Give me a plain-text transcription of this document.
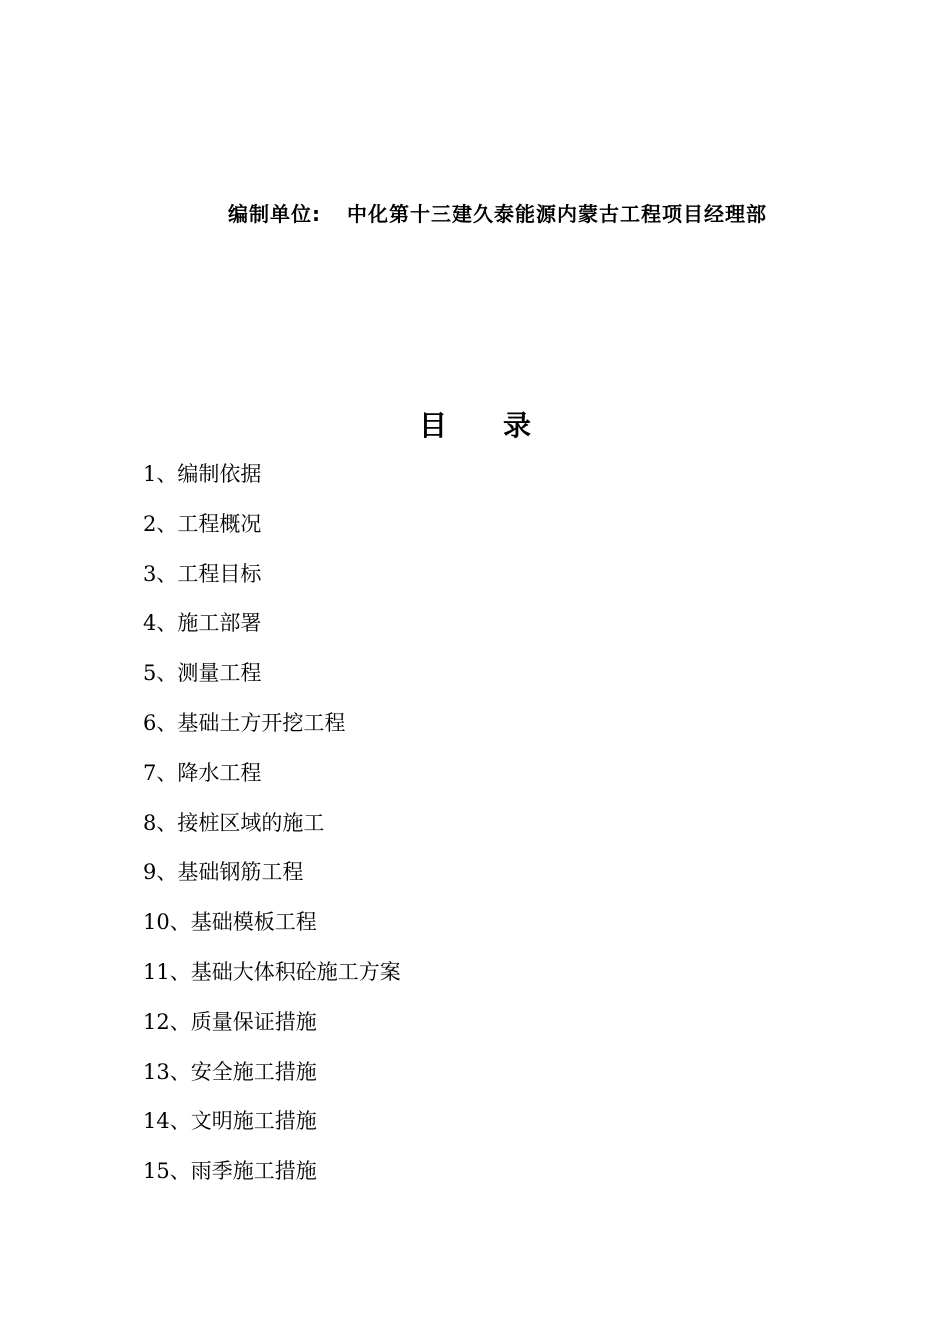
编制单位: 中化第十三建久泰能源内蒙古工程项目经理部
目 录
1、编制依据
2、工程概况
3、工程目标
4、施工部署
5、测量工程
6、基础土方开挖工程
7、降水工程
8、接桩区域的施工
9、基础钢筋工程
10、基础模板工程
11、基础大体积砼施工方案
12、质量保证措施
13、安全施工措施
14、文明施工措施
15、雨季施工措施
